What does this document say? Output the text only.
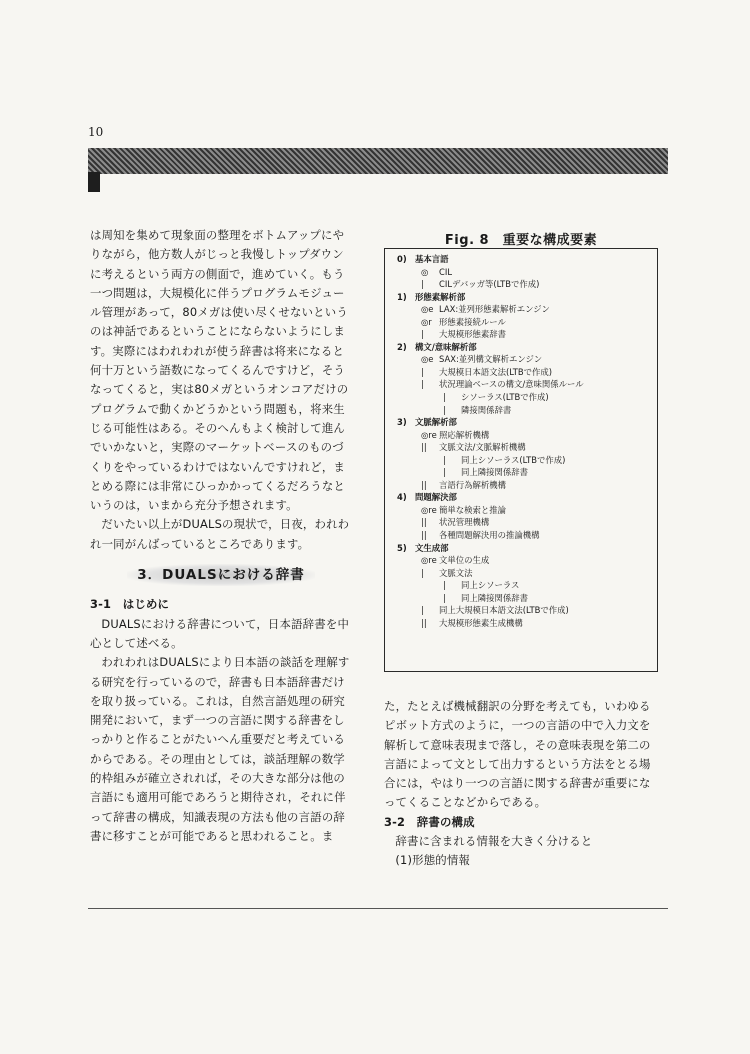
10

は周知を集めて現象面の整理をボトムアップにやりながら，他方数人がじっと我慢しトップダウンに考えるという両方の側面で，進めていく。もう一つ問題は，大規模化に伴うプログラムモジュール管理があって，80メガは使い尽くせないというのは神話であるということにならないようにします。実際にはわれわれが使う辞書は将来になると何十万という語数になってくるんですけど，そうなってくると，実は80メガというオンコアだけのプログラムで動くかどうかという問題も，将来生じる可能性はある。そのへんもよく検討して進んでいかないと，実際のマーケットベースのものづくりをやっているわけではないんですけれど，まとめる際には非常にひっかかってくるだろうなというのは，いまから充分予想されます。

だいたい以上がDUALSの現状で，日夜，われわれ一同がんばっているところであります。

3．DUALSにおける辞書

3-1　はじめに

DUALSにおける辞書について，日本語辞書を中心として述べる。

われわれはDUALSにより日本語の談話を理解する研究を行っているので，辞書も日本語辞書だけを取り扱っている。これは，自然言語処理の研究開発において，まず一つの言語に関する辞書をしっかりと作ることがたいへん重要だと考えているからである。その理由としては，談話理解の数学的枠組みが確立されれば，その大きな部分は他の言語にも適用可能であろうと期待され，それに伴って辞書の構成，知識表現の方法も他の言語の辞書に移すことが可能であると思われること。ま

Fig. 8　重要な構成要素
0) 基本言語
◎ CIL
| CILデバッガ等(LTBで作成)
1) 形態素解析部
◎e LAX:並列形態素解析エンジン
◎r 形態素接続ルール
| 大規模形態素辞書
2) 構文/意味解析部
◎e SAX:並列構文解析エンジン
| 大規模日本語文法(LTBで作成)
| 状況理論ベースの構文/意味関係ルール
| シソーラス(LTBで作成)
| 隣接関係辞書
3) 文脈解析部
◎re 照応解析機構
|| 文脈文法/文脈解析機構
| 同上シソーラス(LTBで作成)
| 同上隣接関係辞書
|| 言語行為解析機構
4) 問題解決部
◎re 簡単な検索と推論
|| 状況管理機構
|| 各種問題解決用の推論機構
5) 文生成部
◎re 文単位の生成
| 文脈文法
| 同上シソーラス
| 同上隣接関係辞書
| 同上大規模日本語文法(LTBで作成)
|| 大規模形態素生成機構

た，たとえば機械翻訳の分野を考えても，いわゆるピボット方式のように，一つの言語の中で入力文を解析して意味表現まで落し，その意味表現を第二の言語によって文として出力するという方法をとる場合には，やはり一つの言語に関する辞書が重要になってくることなどからである。

3-2　辞書の構成

辞書に含まれる情報を大きく分けると

(1)形態的情報
